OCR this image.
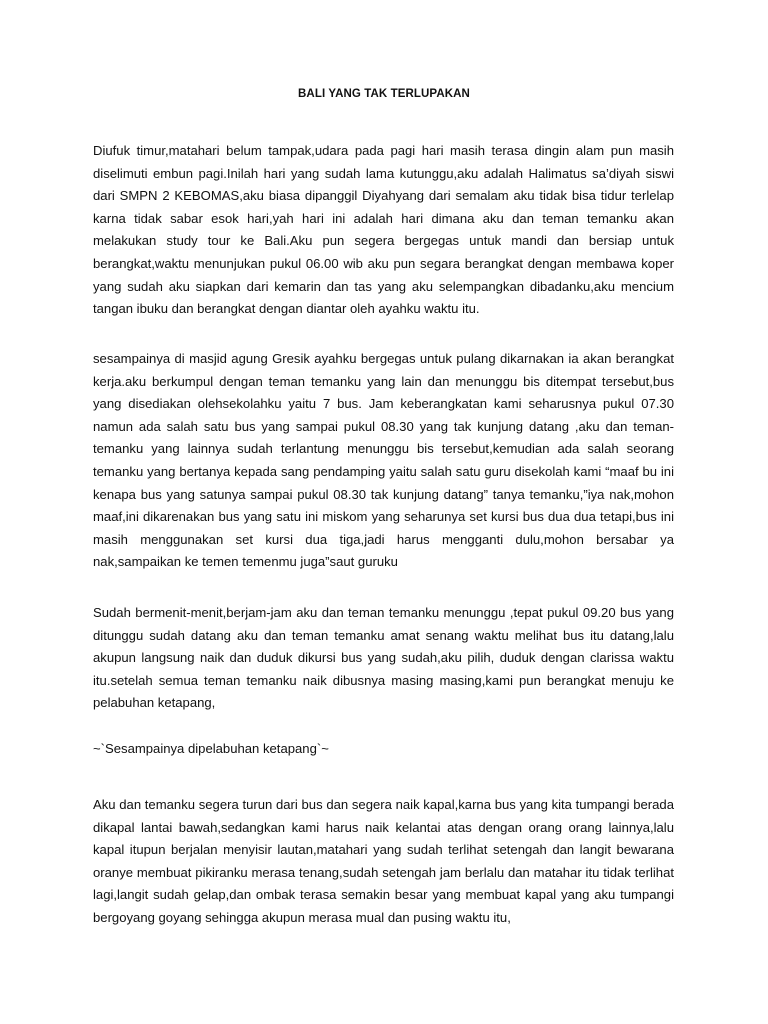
BALI YANG TAK TERLUPAKAN

Diufuk timur,matahari belum tampak,udara pada pagi hari masih terasa dingin alam pun masih diselimuti embun pagi.Inilah hari yang sudah lama kutunggu,aku adalah Halimatus sa’diyah siswi dari SMPN 2 KEBOMAS,aku biasa dipanggil Diyahyang dari semalam aku tidak bisa tidur terlelap karna tidak sabar esok hari,yah hari ini adalah hari dimana aku dan teman temanku akan melakukan study tour ke Bali.Aku pun segera bergegas untuk mandi dan bersiap untuk berangkat,waktu menunjukan pukul 06.00 wib aku pun segara berangkat dengan membawa koper yang sudah aku siapkan dari kemarin dan tas yang aku selempangkan dibadanku,aku mencium tangan ibuku dan berangkat dengan diantar oleh ayahku waktu itu.

sesampainya di masjid agung Gresik ayahku bergegas untuk pulang dikarnakan ia akan berangkat kerja.aku berkumpul dengan teman temanku yang lain dan menunggu bis ditempat tersebut,bus yang disediakan olehsekolahku yaitu 7 bus. Jam keberangkatan kami seharusnya pukul 07.30 namun ada salah satu bus yang sampai pukul 08.30 yang tak kunjung datang ,aku dan teman-temanku yang lainnya sudah terlantung menunggu bis tersebut,kemudian ada salah seorang temanku yang bertanya kepada sang pendamping yaitu salah satu guru disekolah kami “maaf bu ini kenapa bus yang satunya sampai pukul 08.30 tak kunjung datang” tanya temanku,”iya nak,mohon maaf,ini dikarenakan bus yang satu ini miskom yang seharunya set kursi bus dua dua tetapi,bus ini masih menggunakan set kursi dua tiga,jadi harus mengganti dulu,mohon bersabar ya nak,sampaikan ke temen temenmu juga”saut guruku

Sudah bermenit-menit,berjam-jam aku dan teman temanku menunggu ,tepat pukul 09.20 bus yang ditunggu sudah datang aku dan teman temanku amat senang waktu melihat bus itu datang,lalu akupun langsung naik dan duduk dikursi bus yang sudah,aku pilih, duduk dengan clarissa waktu itu.setelah semua teman temanku naik dibusnya masing masing,kami pun berangkat menuju ke pelabuhan ketapang,

~`Sesampainya dipelabuhan ketapang`~

Aku dan temanku segera turun dari bus dan segera naik kapal,karna bus yang kita tumpangi berada dikapal lantai bawah,sedangkan kami harus naik kelantai atas dengan orang orang lainnya,lalu kapal itupun berjalan menyisir lautan,matahari yang sudah terlihat setengah dan langit bewarana oranye membuat pikiranku merasa tenang,sudah setengah jam berlalu dan matahar itu tidak terlihat lagi,langit sudah gelap,dan ombak terasa semakin besar yang membuat kapal yang aku tumpangi bergoyang goyang sehingga akupun merasa mual dan pusing waktu itu,
